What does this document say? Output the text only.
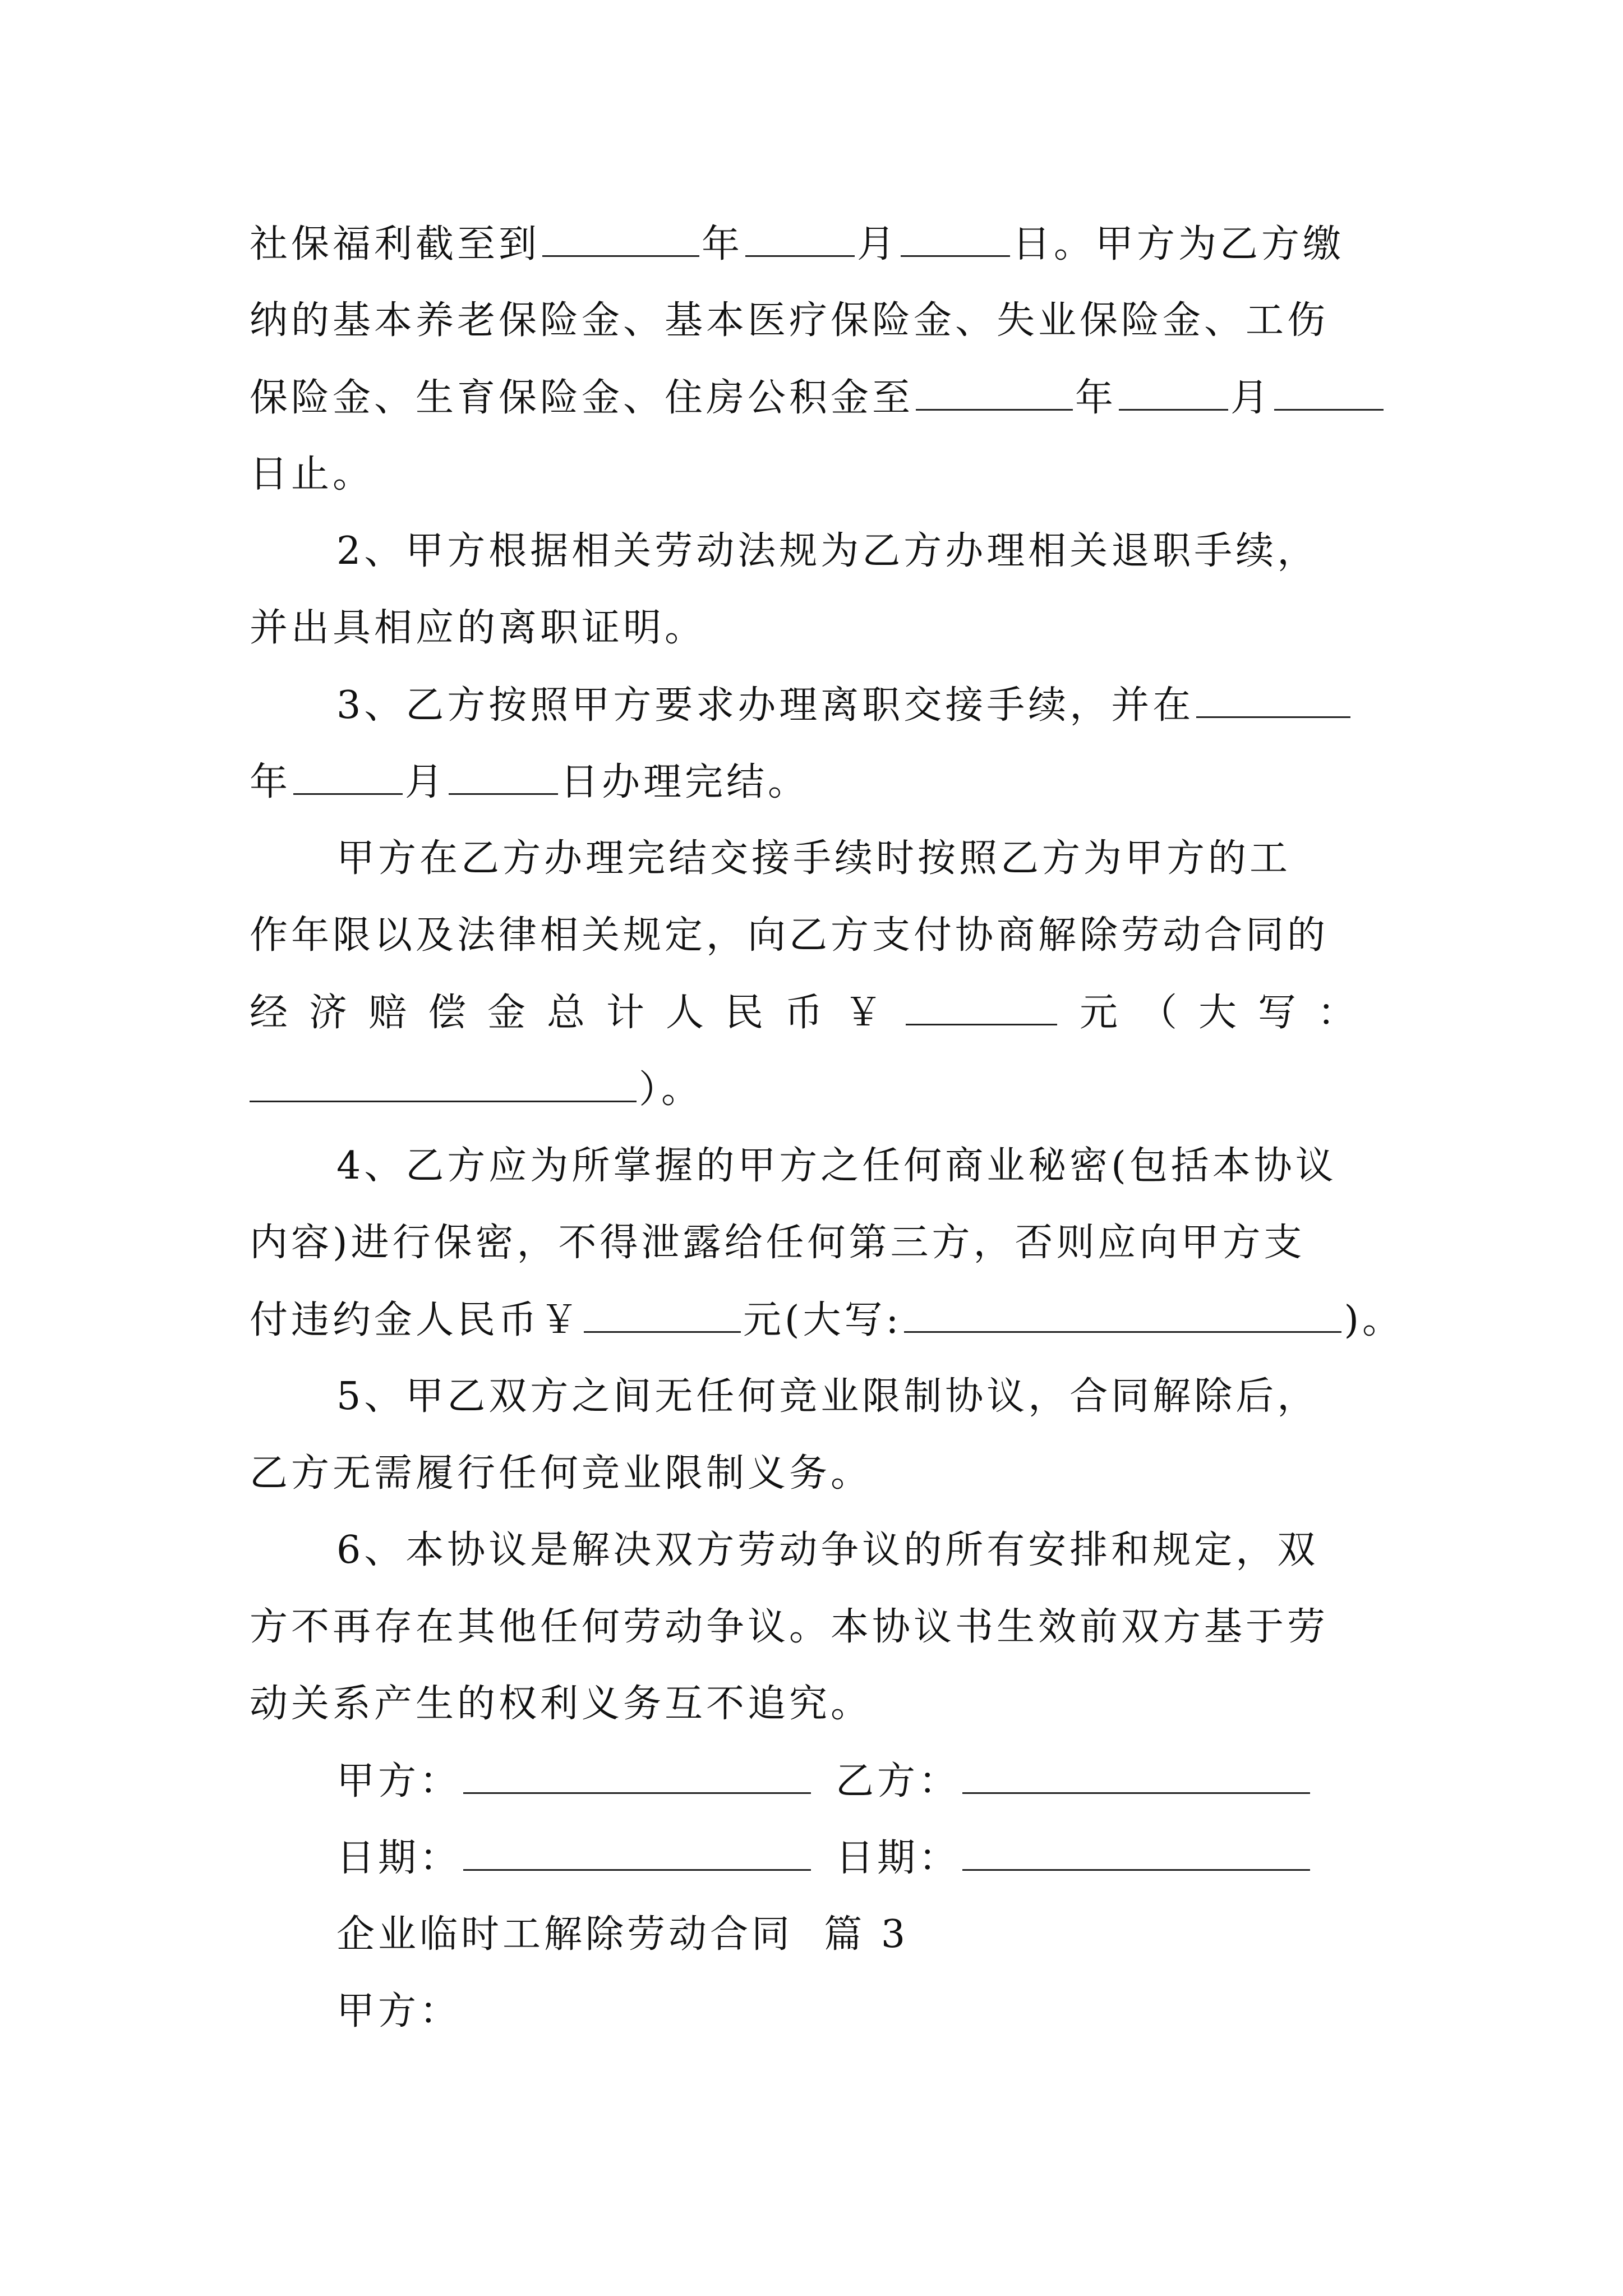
社保福利截至到	年	月	日。甲方为乙方缴
纳的基本养老保险金、基本医疗保险金、失业保险金、工伤
保险金、生育保险金、住房公积金至	年	月
日止。
2、甲方根据相关劳动法规为乙方办理相关退职手续，
并出具相应的离职证明。
3、乙方按照甲方要求办理离职交接手续，并在
年	月	日办理完结。
甲方在乙方办理完结交接手续时按照乙方为甲方的工
作年限以及法律相关规定，向乙方支付协商解除劳动合同的
经济赔偿金总计人民币￥	元（大写：
）。
4、乙方应为所掌握的甲方之任何商业秘密(包括本协议
内容)进行保密，不得泄露给任何第三方，否则应向甲方支
付违约金人民币￥	元(大写:	)。
5、甲乙双方之间无任何竞业限制协议，合同解除后，
乙方无需履行任何竞业限制义务。
6、本协议是解决双方劳动争议的所有安排和规定，双
方不再存在其他任何劳动争议。本协议书生效前双方基于劳
动关系产生的权利义务互不追究。
甲方：	乙方：
日期：	日期：
企业临时工解除劳动合同  篇 3
甲方：
